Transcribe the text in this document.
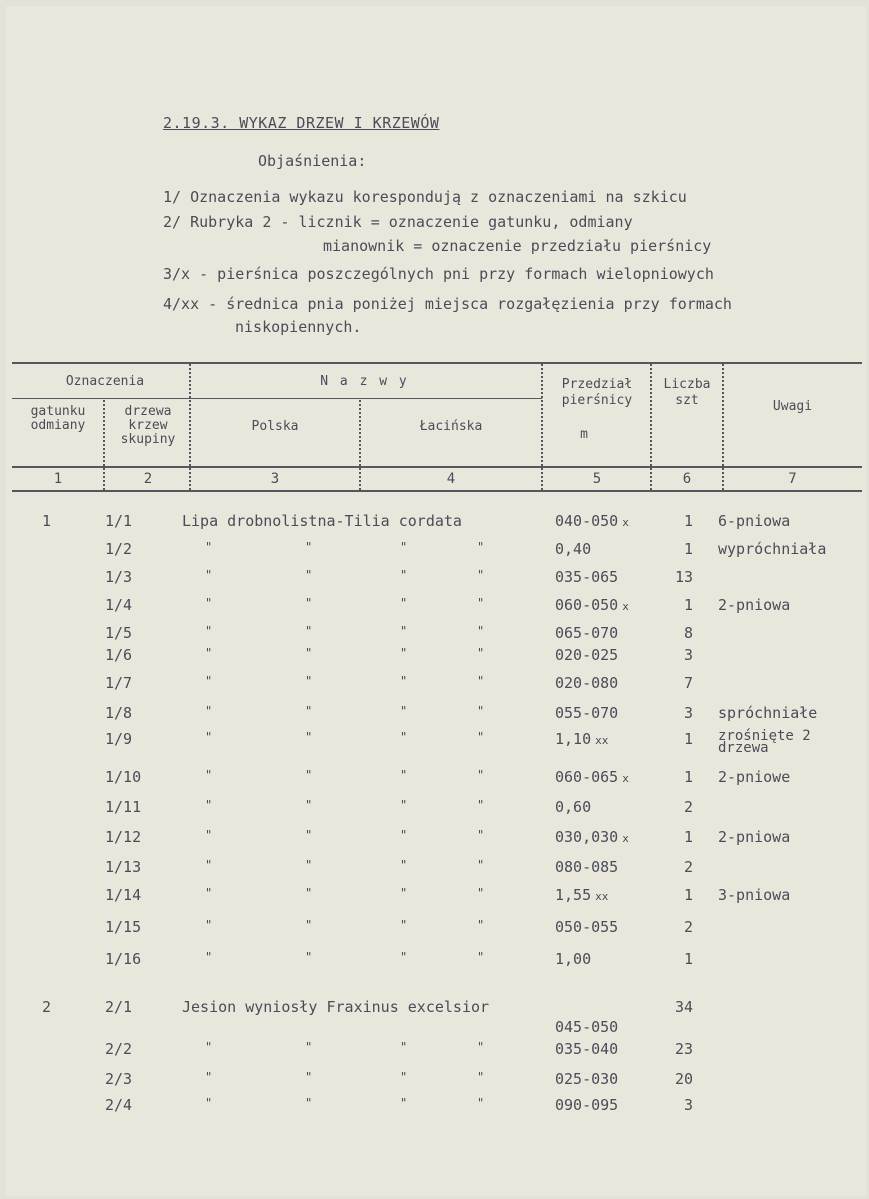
2.19.3. WYKAZ DRZEW I KRZEWÓW
Objaśnienia:
1/ Oznaczenia wykazu korespondują z oznaczeniami na szkicu
2/ Rubryka 2 - licznik = oznaczenie gatunku, odmiany
mianownik = oznaczenie przedziału pierśnicy
3/x - pierśnica poszczególnych pni przy formach wielopniowych
4/xx - średnica pnia poniżej miejsca rozgałęzienia przy formach
niskopiennych.
Oznaczenia	N a z w y
gatunku
odmiany
drzewa
krzew
skupiny
Polska	Łacińska
Przedział
pierśnicy
m
Liczba
szt	Uwagi
1	2	3	4	5	6	7
1	1/1	Lipa drobnolistna-Tilia cordata	040-050 x	1 6-pniowa
1/2	"	"	"	"	0,40	1 wypróchniała
1/3	"	"	"	"	035-065	13
1/4	"	"	"	"	060-050 x	1 2-pniowa
1/5	"	"	"	"	065-070	8
1/6	"	"	"	"	020-025	3
1/7	"	"	"	"	020-080	7
1/8	"	"	"	"	055-070	3 spróchniałe
1/9	"	"	"	"	1,10 xx	1 zrośnięte 2 drzewa
1/10	"	"	"	"	060-065 x	1 2-pniowe
1/11	"	"	"	"	0,60	2
1/12	"	"	"	"	030,030 x	1 2-pniowa
1/13	"	"	"	"	080-085	2
1/14	"	"	"	"	1,55 xx	1 3-pniowa
1/15	"	"	"	"	050-055	2
1/16	"	"	"	"	1,00	1
2	2/1	Jesion wyniosły Fraxinus excelsior
045-050
34
2/2	"	"	"	"	035-040	23
2/3	"	"	"	"	025-030	20
2/4	"	"	"	"	090-095	3
